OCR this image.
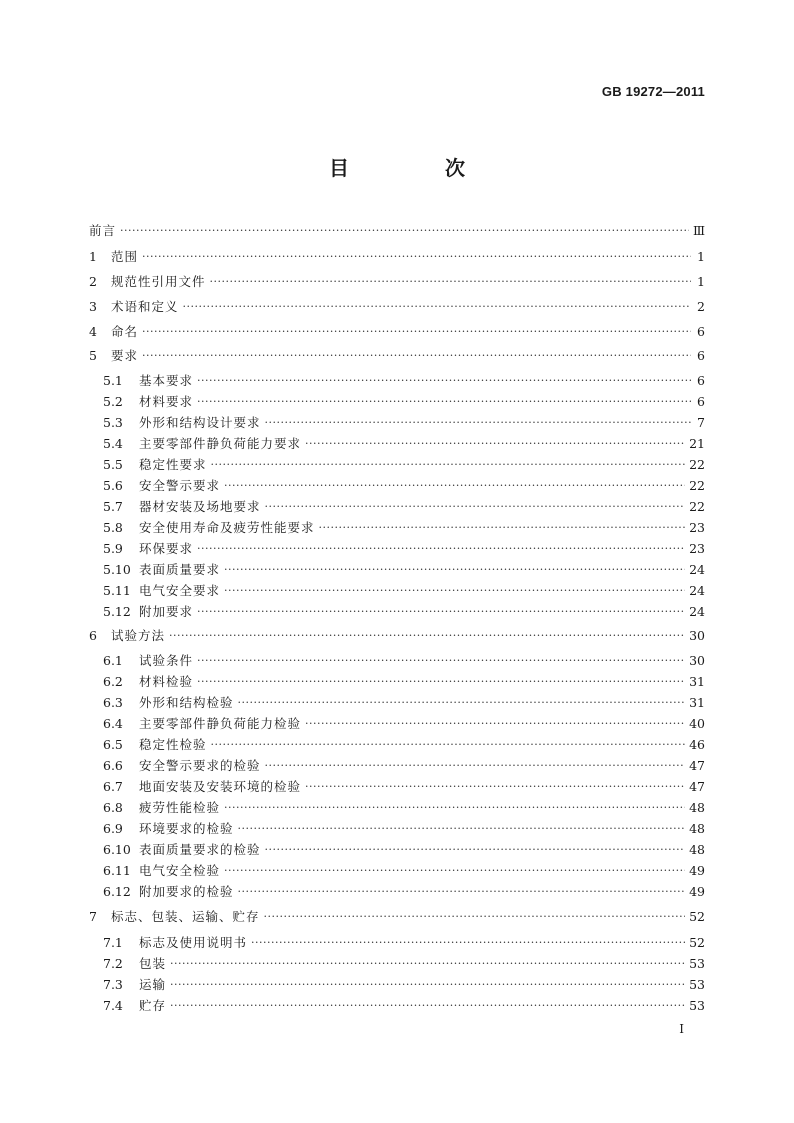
GB 19272—2011
目　次
前言 ·····	Ⅲ
1	范围 ·····	1
2	规范性引用文件 ·····	1
3	术语和定义 ·····	2
4	命名 ·····	6
5	要求 ·····	6
5.1	基本要求 ·····	6
5.2	材料要求 ·····	6
5.3	外形和结构设计要求 ·····	7
5.4	主要零部件静负荷能力要求 ·····	21
5.5	稳定性要求 ·····	22
5.6	安全警示要求 ·····	22
5.7	器材安装及场地要求 ·····	22
5.8	安全使用寿命及疲劳性能要求 ·····	23
5.9	环保要求 ·····	23
5.10 表面质量要求 ·····	24
5.11 电气安全要求 ·····	24
5.12 附加要求 ·····	24
6	试验方法 ·····	30
6.1	试验条件 ·····	30
6.2	材料检验 ·····	31
6.3	外形和结构检验 ·····	31
6.4	主要零部件静负荷能力检验 ·····	40
6.5	稳定性检验 ·····	46
6.6	安全警示要求的检验 ·····	47
6.7	地面安装及安装环境的检验 ·····	47
6.8	疲劳性能检验 ·····	48
6.9	环境要求的检验 ·····	48
6.10 表面质量要求的检验 ·····	48
6.11 电气安全检验 ·····	49
6.12 附加要求的检验 ·····	49
7	标志、包装、运输、贮存 ·····	52
7.1	标志及使用说明书 ·····	52
7.2	包装 ·····	53
7.3	运输 ·····	53
7.4	贮存 ·····	53
I
